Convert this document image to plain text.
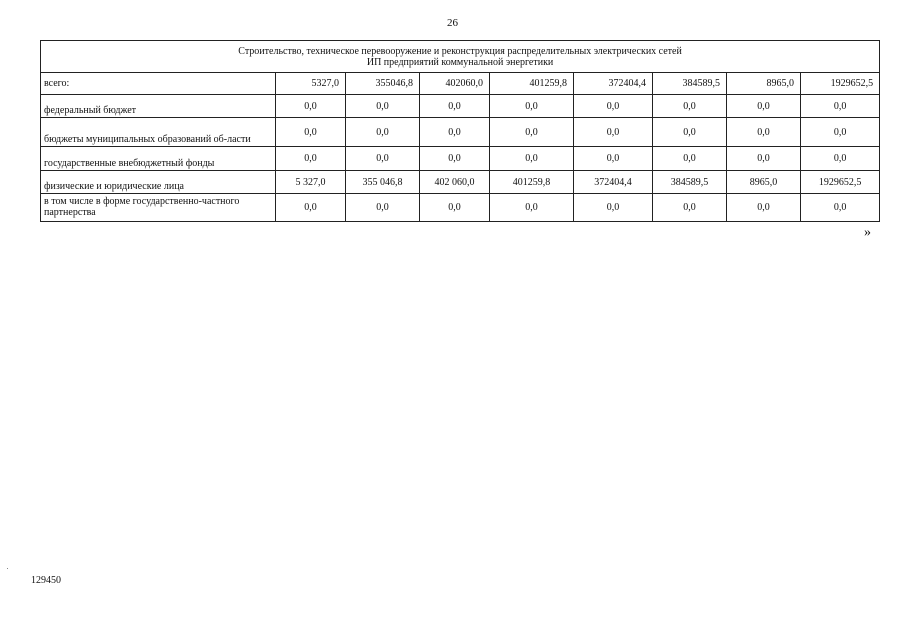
26
Строительство, техническое перевооружение и реконструкция распределительных электрических сетей
ИП предприятий коммунальной энергетики								

всего:	5327,0	355046,8	402060,0	401259,8	372404,4	384589,5	8965,0	1929652,5
федеральный бюджет	0,0	0,0	0,0	0,0	0,0	0,0	0,0	0,0
бюджеты муниципальных образований об-ласти	0,0	0,0	0,0	0,0	0,0	0,0	0,0	0,0
государственные внебюджетный фонды	0,0	0,0	0,0	0,0	0,0	0,0	0,0	0,0
физические и юридические лица	5 327,0	355 046,8	402 060,0	401259,8	372404,4	384589,5	8965,0	1929652,5
в том числе в форме государственно-частного партнерства	0,0	0,0	0,0	0,0	0,0	0,0	0,0	0,0
»
129450
